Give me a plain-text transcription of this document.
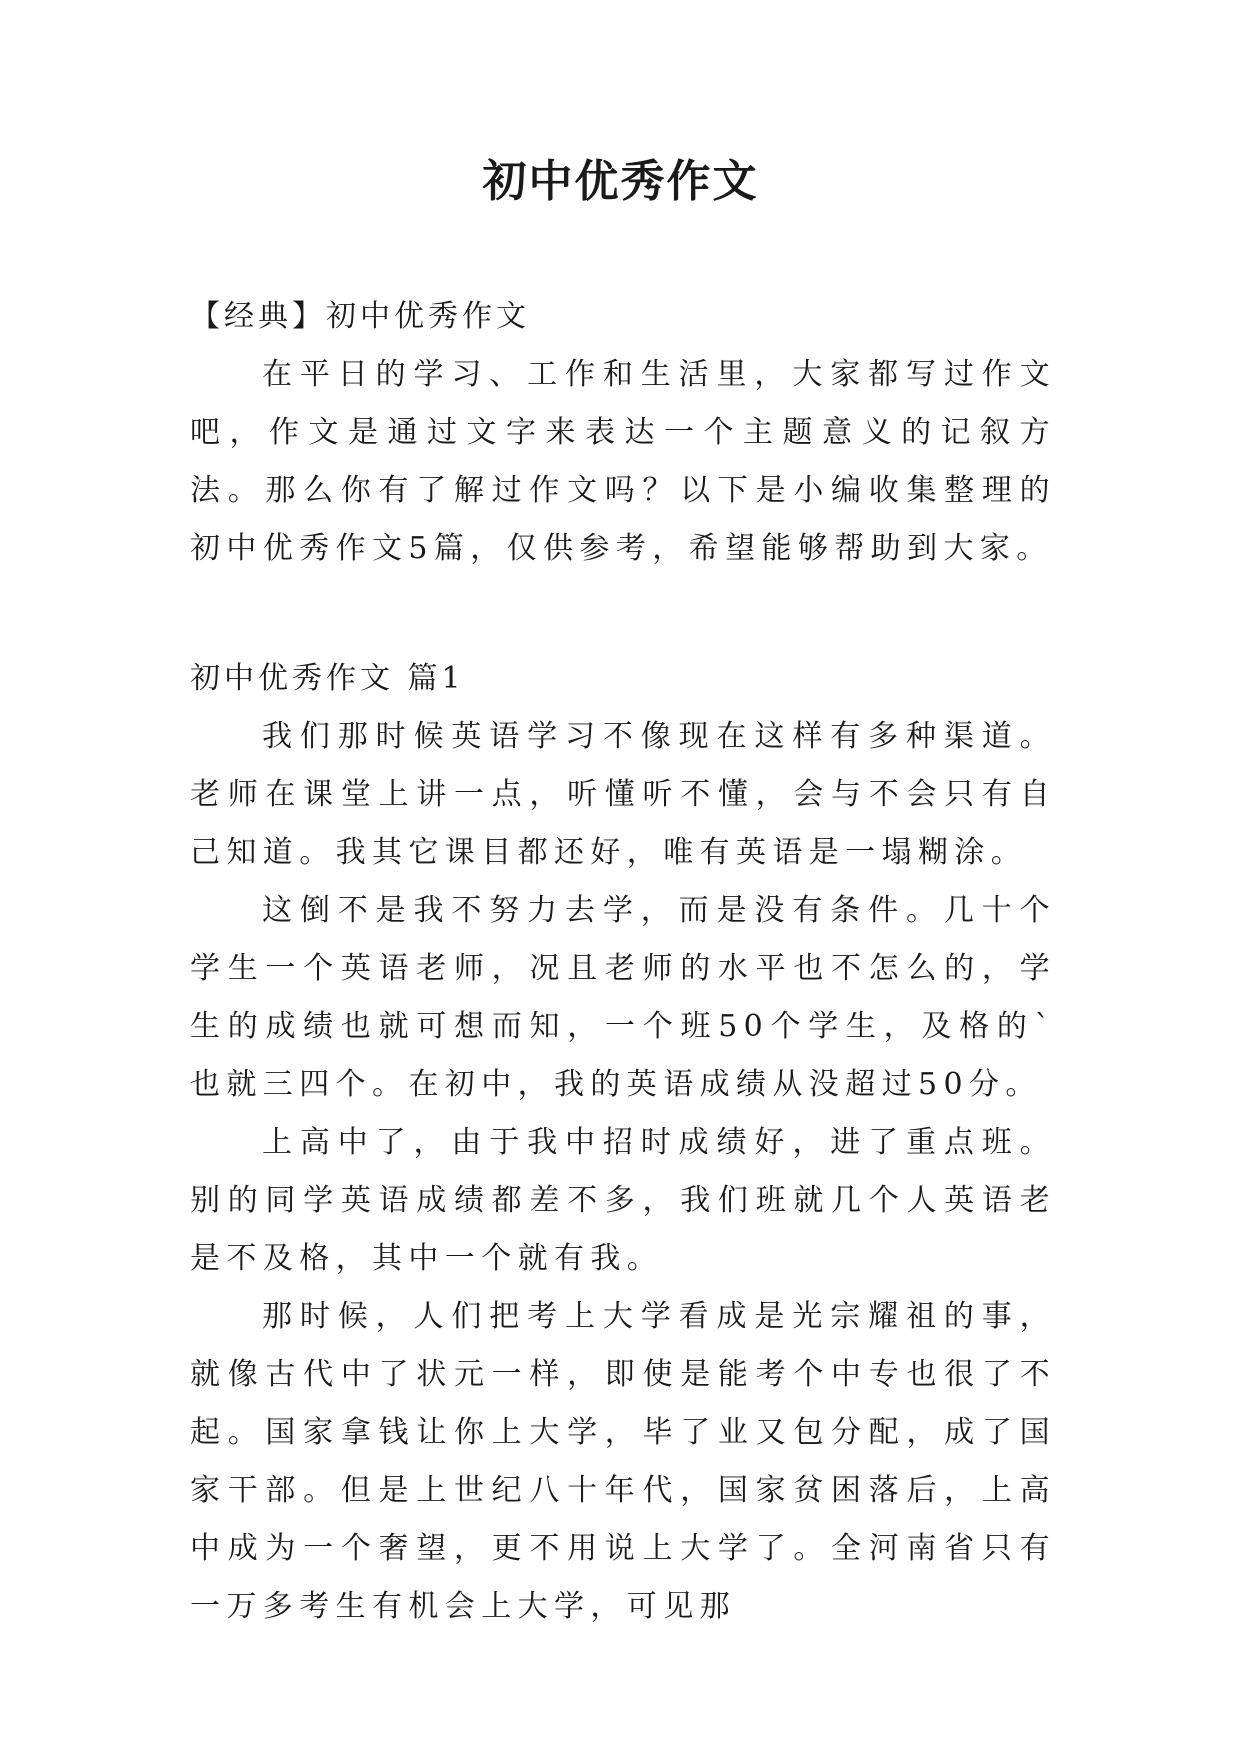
初中优秀作文
【经典】初中优秀作文

在平日的学习、工作和生活里，大家都写过作文吧，作文是通过文字来表达一个主题意义的记叙方法。那么你有了解过作文吗？以下是小编收集整理的初中优秀作文5篇，仅供参考，希望能够帮助到大家。

初中优秀作文 篇1

我们那时候英语学习不像现在这样有多种渠道。老师在课堂上讲一点，听懂听不懂，会与不会只有自己知道。我其它课目都还好，唯有英语是一塌糊涂。

这倒不是我不努力去学，而是没有条件。几十个学生一个英语老师，况且老师的水平也不怎么的，学生的成绩也就可想而知，一个班50个学生，及格的`也就三四个。在初中，我的英语成绩从没超过50分。

上高中了，由于我中招时成绩好，进了重点班。别的同学英语成绩都差不多，我们班就几个人英语老是不及格，其中一个就有我。

那时候，人们把考上大学看成是光宗耀祖的事，就像古代中了状元一样，即使是能考个中专也很了不起。国家拿钱让你上大学，毕了业又包分配，成了国家干部。但是上世纪八十年代，国家贫困落后，上高中成为一个奢望，更不用说上大学了。全河南省只有一万多考生有机会上大学，可见那
